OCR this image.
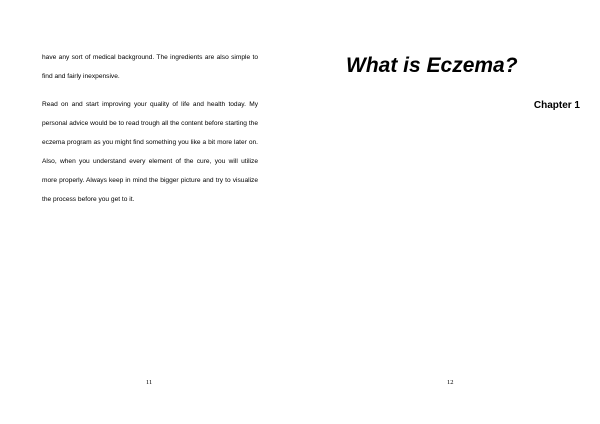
have any sort of medical background. The ingredients are also simple to find and fairly inexpensive.

Read on and start improving your quality of life and health today. My personal advice would be to read trough all the content before starting the eczema program as you might find something you like a bit more later on. Also, when you understand every element of the cure, you will utilize more properly. Always keep in mind the bigger picture and try to visualize the process before you get to it.

11
What is Eczema?
Chapter 1
12
